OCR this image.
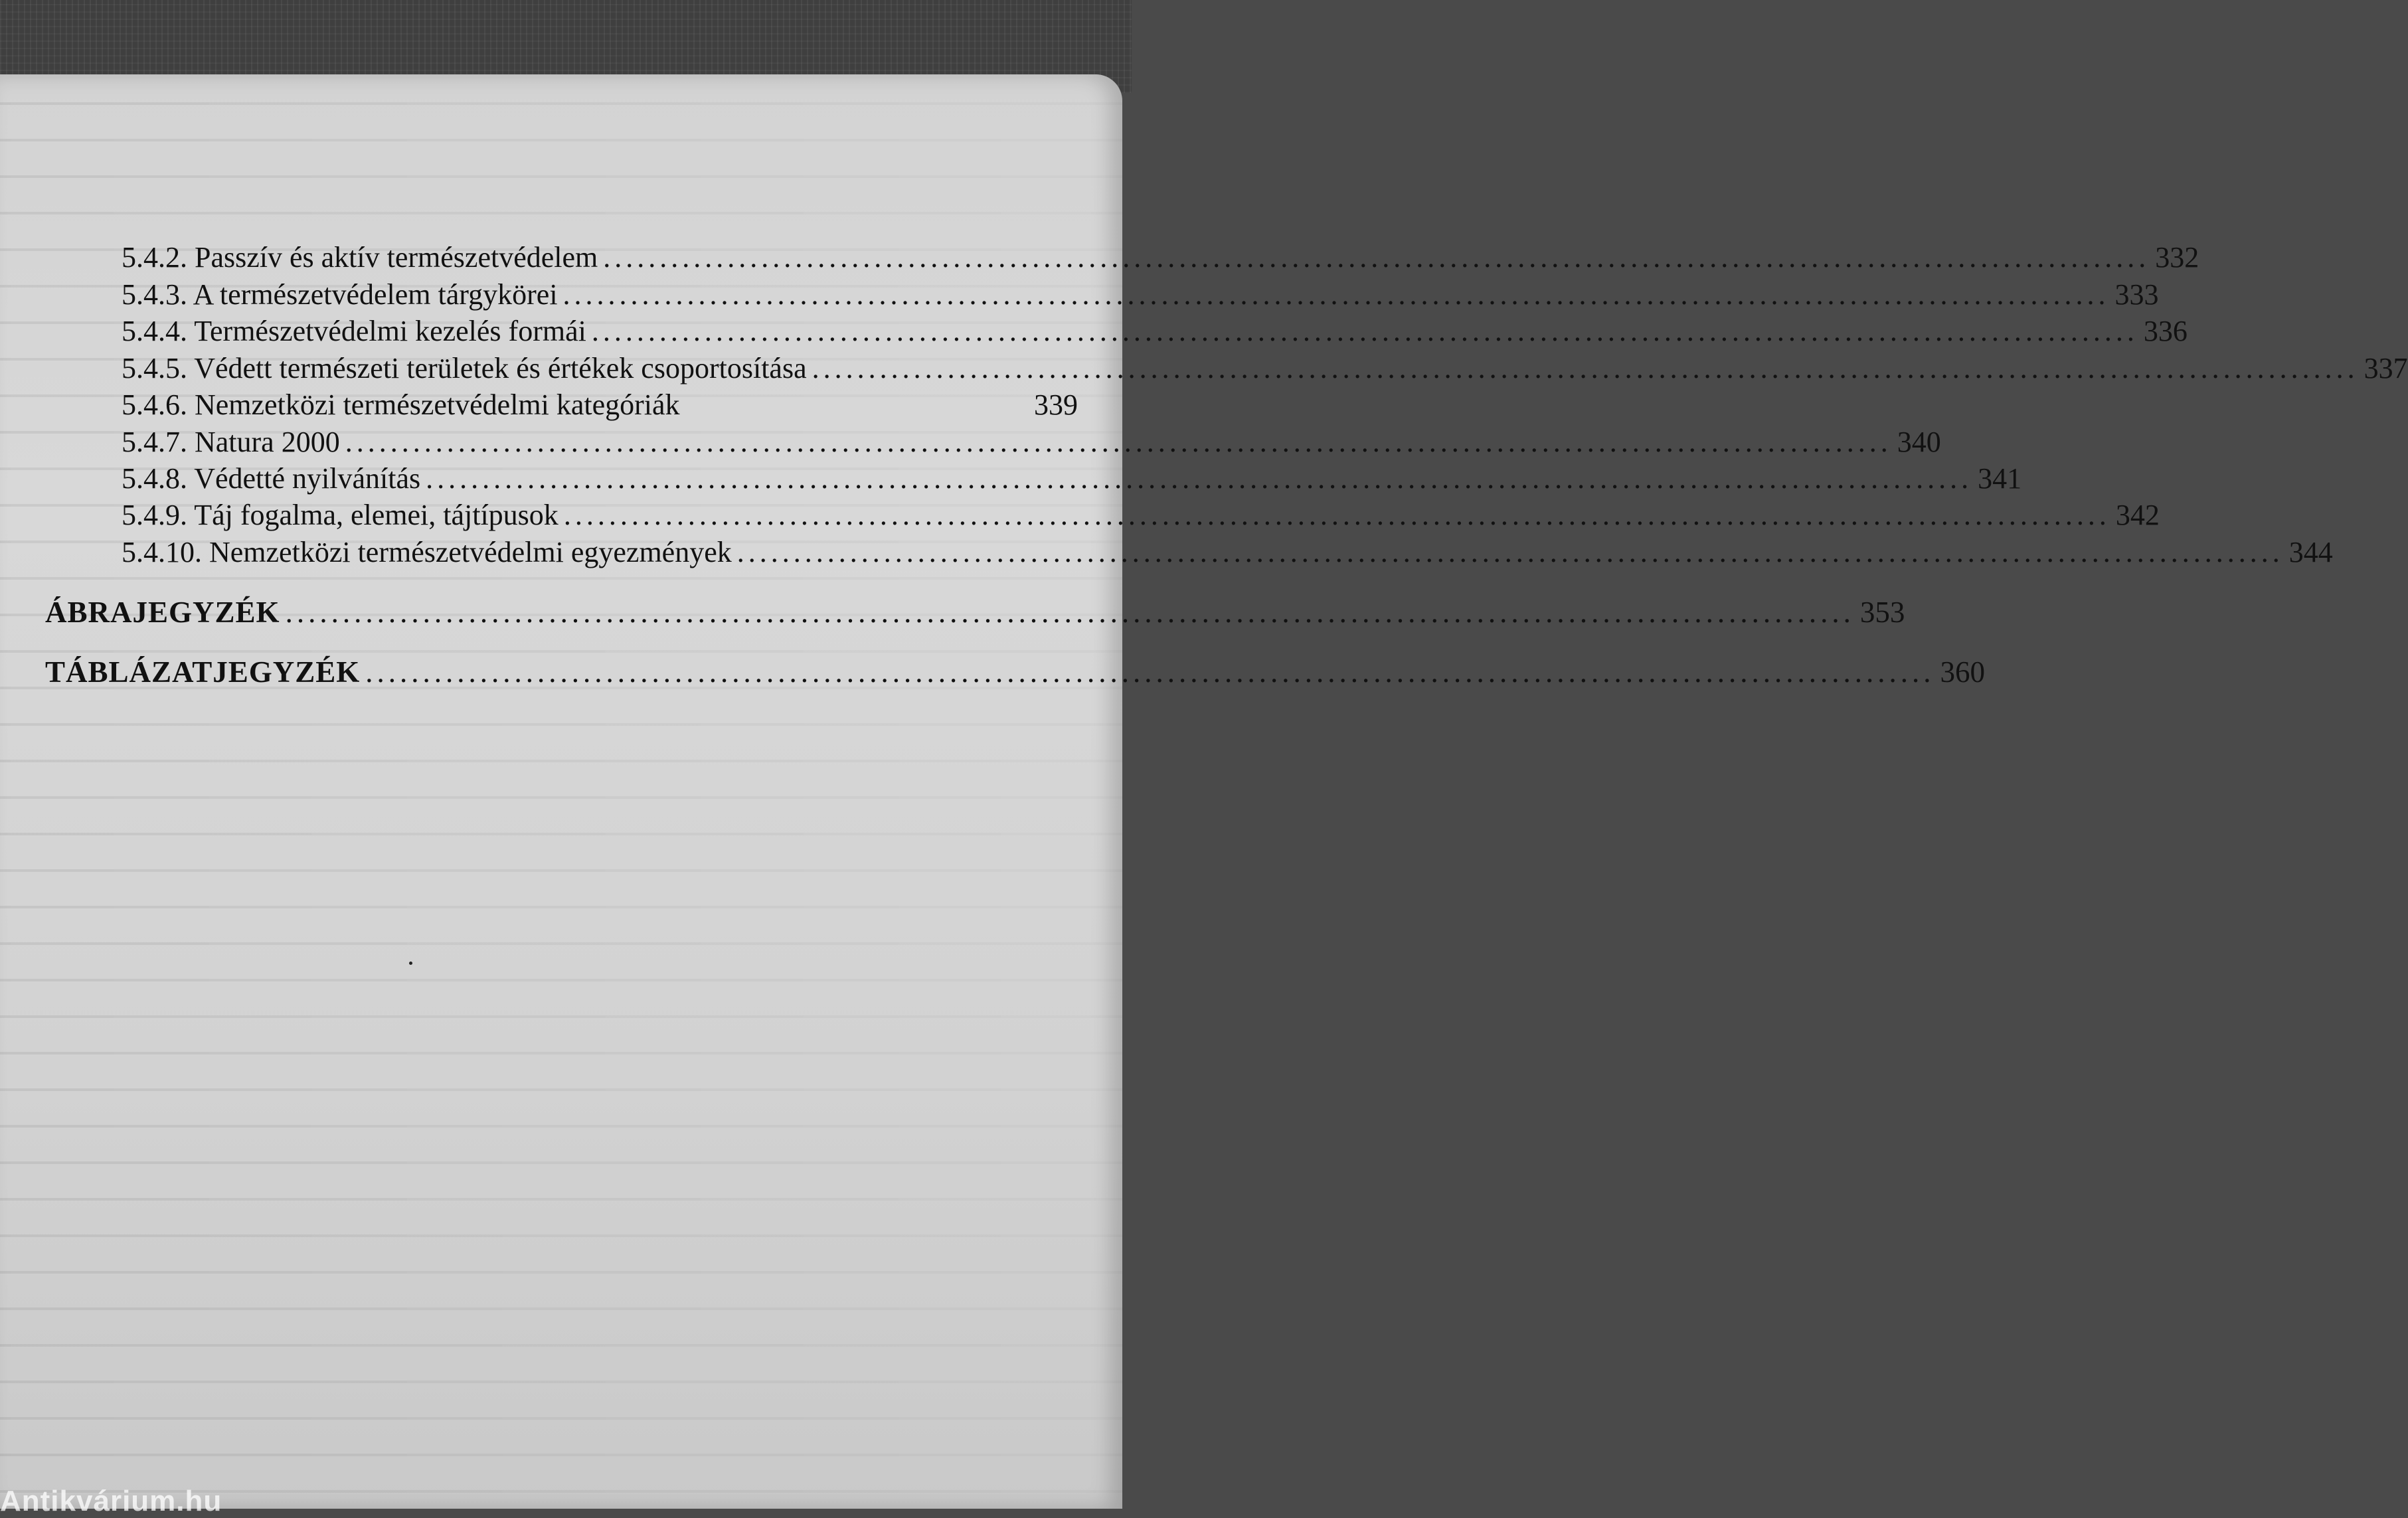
5.4.2. Passzív és aktív természetvédelem ......................................................................................................................................... 332
5.4.3. A természetvédelem tárgykörei ......................................................................................................................................... 333
5.4.4. Természetvédelmi kezelés formái ......................................................................................................................................... 336
5.4.5. Védett természeti területek és értékek csoportosítása ......................................................................................................................................... 337
5.4.6. Nemzetközi természetvédelmi kategóriák	339
5.4.7. Natura 2000 ......................................................................................................................................... 340
5.4.8. Védetté nyilvánítás ......................................................................................................................................... 341
5.4.9. Táj fogalma, elemei, tájtípusok ......................................................................................................................................... 342
5.4.10. Nemzetközi természetvédelmi egyezmények ......................................................................................................................................... 344
ÁBRAJEGYZÉK ......................................................................................................................................... 353
TÁBLÁZATJEGYZÉK ......................................................................................................................................... 360
Antikvárium.hu
